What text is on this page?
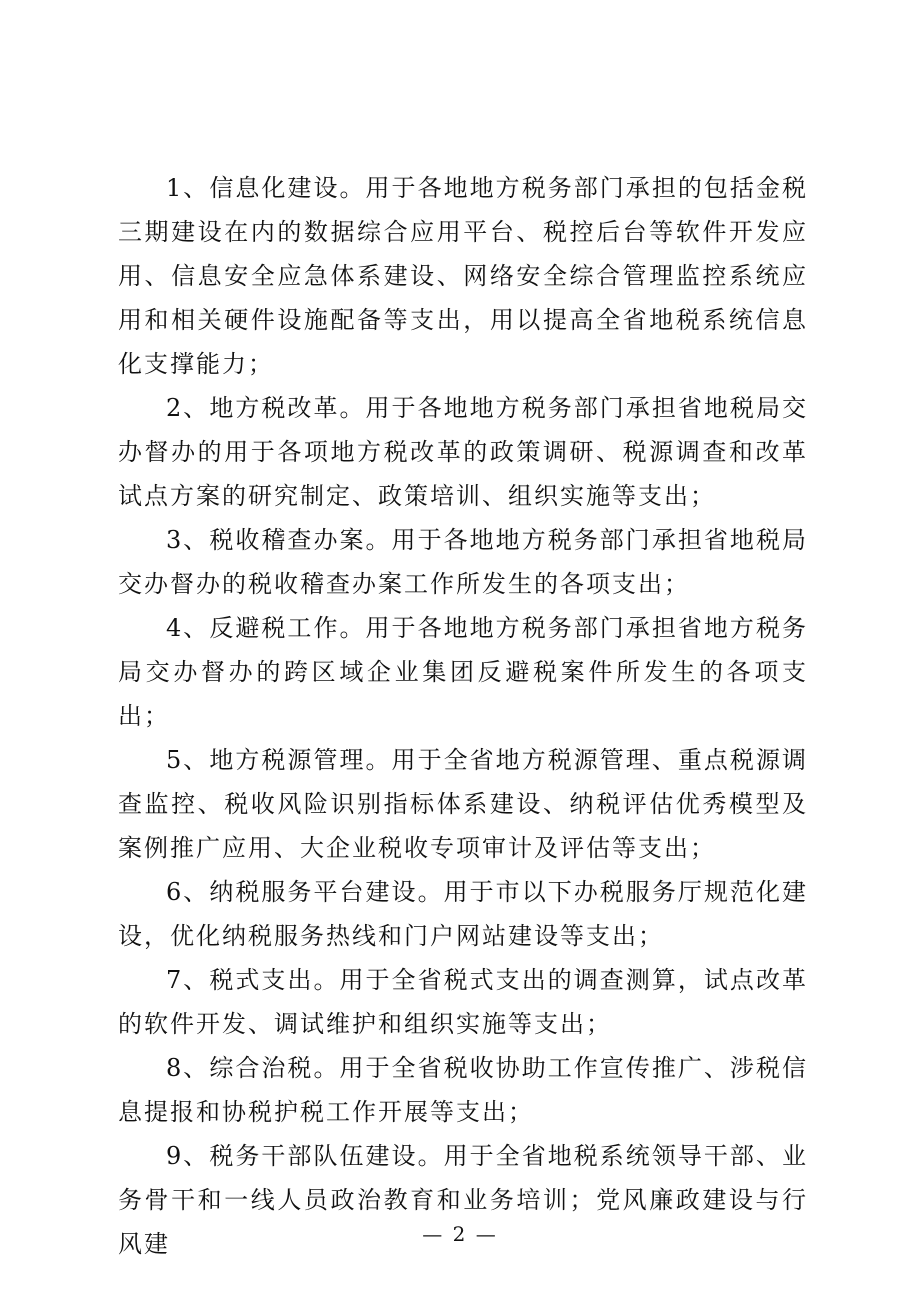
1、信息化建设。用于各地地方税务部门承担的包括金税三期建设在内的数据综合应用平台、税控后台等软件开发应用、信息安全应急体系建设、网络安全综合管理监控系统应用和相关硬件设施配备等支出，用以提高全省地税系统信息化支撑能力；

2、地方税改革。用于各地地方税务部门承担省地税局交办督办的用于各项地方税改革的政策调研、税源调查和改革试点方案的研究制定、政策培训、组织实施等支出；

3、税收稽查办案。用于各地地方税务部门承担省地税局交办督办的税收稽查办案工作所发生的各项支出；

4、反避税工作。用于各地地方税务部门承担省地方税务局交办督办的跨区域企业集团反避税案件所发生的各项支出；

5、地方税源管理。用于全省地方税源管理、重点税源调查监控、税收风险识别指标体系建设、纳税评估优秀模型及案例推广应用、大企业税收专项审计及评估等支出；

6、纳税服务平台建设。用于市以下办税服务厅规范化建设，优化纳税服务热线和门户网站建设等支出；

7、税式支出。用于全省税式支出的调查测算，试点改革的软件开发、调试维护和组织实施等支出；

8、综合治税。用于全省税收协助工作宣传推广、涉税信息提报和协税护税工作开展等支出；

9、税务干部队伍建设。用于全省地税系统领导干部、业务骨干和一线人员政治教育和业务培训；党风廉政建设与行风建	— 2 —
